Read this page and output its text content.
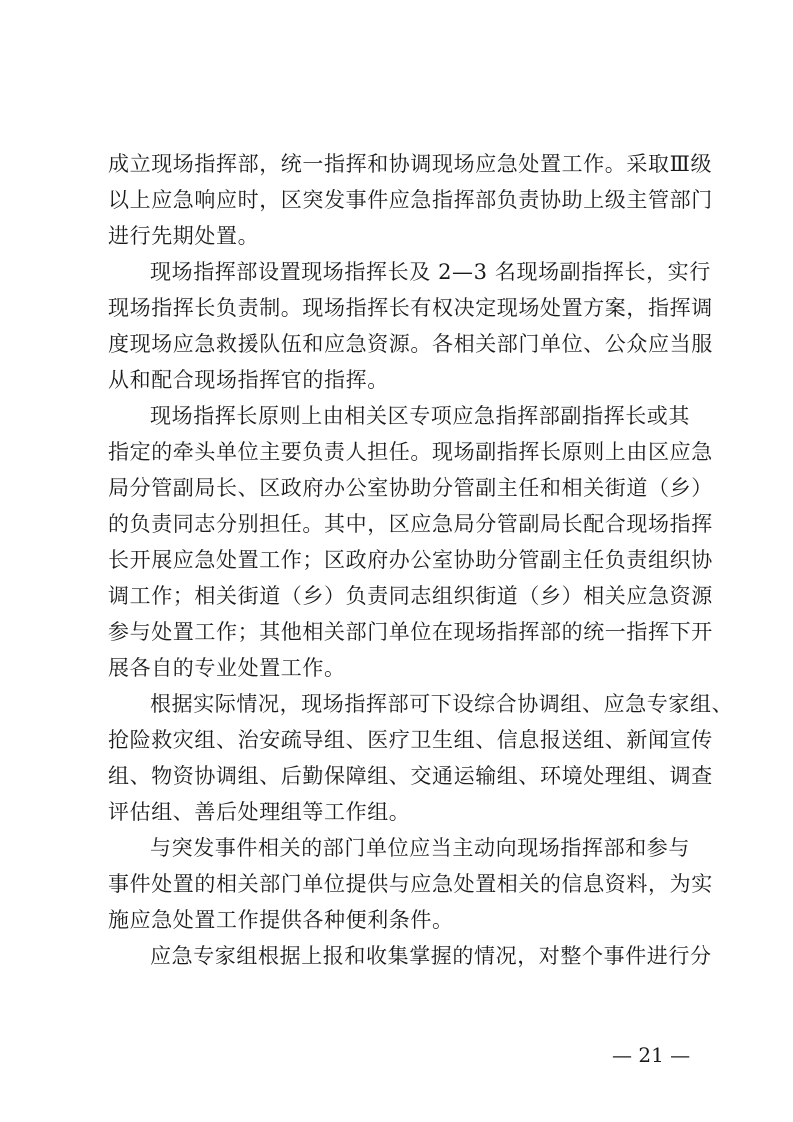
成立现场指挥部，统一指挥和协调现场应急处置工作。采取Ⅲ级
以上应急响应时，区突发事件应急指挥部负责协助上级主管部门
进行先期处置。

现场指挥部设置现场指挥长及 2—3 名现场副指挥长，实行
现场指挥长负责制。现场指挥长有权决定现场处置方案，指挥调
度现场应急救援队伍和应急资源。各相关部门单位、公众应当服
从和配合现场指挥官的指挥。

现场指挥长原则上由相关区专项应急指挥部副指挥长或其
指定的牵头单位主要负责人担任。现场副指挥长原则上由区应急
局分管副局长、区政府办公室协助分管副主任和相关街道（乡）
的负责同志分别担任。其中，区应急局分管副局长配合现场指挥
长开展应急处置工作；区政府办公室协助分管副主任负责组织协
调工作；相关街道（乡）负责同志组织街道（乡）相关应急资源
参与处置工作；其他相关部门单位在现场指挥部的统一指挥下开
展各自的专业处置工作。

根据实际情况，现场指挥部可下设综合协调组、应急专家组、
抢险救灾组、治安疏导组、医疗卫生组、信息报送组、新闻宣传
组、物资协调组、后勤保障组、交通运输组、环境处理组、调查
评估组、善后处理组等工作组。

与突发事件相关的部门单位应当主动向现场指挥部和参与
事件处置的相关部门单位提供与应急处置相关的信息资料，为实
施应急处置工作提供各种便利条件。

应急专家组根据上报和收集掌握的情况，对整个事件进行分

— 21 —
